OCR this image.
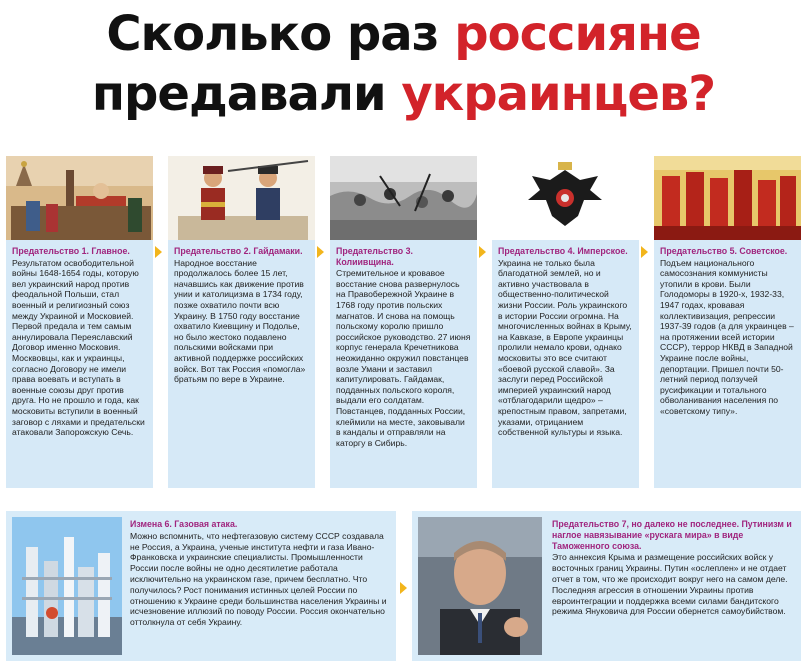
Сколько раз россияне
предавали украинцев?
Предательство 1. Главное.
Результатом освободительной войны 1648-1654 годы, которую вел украинский народ против феодальной Польши, стал военный и религиозный союз между Украиной и Московией. Первой предала и тем самым аннулировала Переяславский Договор именно Московия. Москвовцы, как и украинцы, согласно Договору не имели права воевать и вступать в военные союзы друг против друга. Но не прошло и года, как московиты вступили в военный заговор с ляхами и предательски атаковали Запорожскую Сечь.
Предательство 2. Гайдамаки.
Народное восстание продолжалось более 15 лет, начавшись как движение против унии и католицизма в 1734 году, позже охватило почти всю Украину. В 1750 году восстание охватило Киевщину и Подолье, но было жестоко подавлено польскими войсками при активной поддержке российских войск. Вот так Россия «помогла» братьям по вере в Украине.
Предательство 3. Колиивщина.
Стремительное и кровавое восстание снова развернулось на Правобережной Украине в 1768 году против польских магнатов. И снова на помощь польскому королю пришло российское руководство. 27 июня корпус генерала Кречетникова неожиданно окружил повстанцев возле Умани и заставил капитулировать. Гайдамак, подданных польского короля, выдали его солдатам. Повстанцев, подданных России, клеймили на месте, заковывали в кандалы и отправляли на каторгу в Сибирь.
Предательство 4. Имперское.
Украина не только была благодатной землей, но и активно участвовала в общественно-политической жизни России. Роль украинского в истории России огромна. На многочисленных войнах в Крыму, на Кавказе, в Европе украинцы пролили немало крови, однако московиты это все считают «боевой русской славой». За заслуги перед Российской империей украинский народ «отблагодарили щедро» – крепостным правом, запретами, указами, отрицанием собственной культуры и языка.
Предательство 5. Советское.
Подъем национального самосознания коммунисты утопили в крови. Были Голодоморы в 1920-х, 1932-33, 1947 годах, кровавая коллективизация, репрессии 1937-39 годов (а для украинцев – на протяжении всей истории СССР), террор НКВД в Западной Украине после войны, депортации. Пришел почти 50-летний период ползучей русификации и тотального обволанивания населения по «советскому типу».
Измена 6. Газовая атака.
Можно вспомнить, что нефтегазовую систему СССР создавала не Россия, а Украина, ученые института нефти и газа Ивано-Франковска и украинские специалисты. Промышленности России после войны не одно десятилетие работала исключительно на украинском газе, причем бесплатно. Что получилось? Рост понимания истинных целей России по отношению к Украине среди большинства населения Украины и исчезновение иллюзий по поводу России. Россия окончательно оттолкнула от себя Украину.
Предательство 7, но далеко не последнее. Путинизм и наглое навязывание «рускага мира» в виде Таможенного союза.
Это аннексия Крыма и размещение российских войск у восточных границ Украины. Путин «ослеплен» и не отдает отчет в том, что же происходит вокруг него на самом деле. Последняя агрессия в отношении Украины против евроинтеграции и поддержка всеми силами бандитского режима Януковича для России обернется самоубийством.
